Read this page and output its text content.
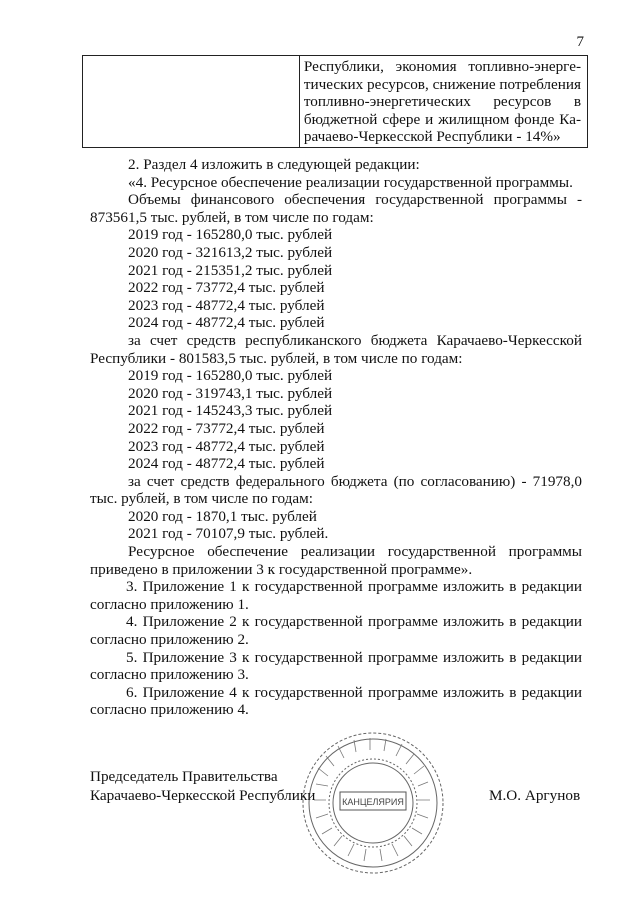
7
Республики, экономия топливно-энерге-
тических ресурсов, снижение потребления
топливно-энергетических ресурсов в
бюджетной сфере и жилищном фонде Ка-
рачаево-Черкесской Республики - 14%»
2. Раздел 4 изложить в следующей редакции:
«4. Ресурсное обеспечение реализации государственной программы.
Объемы финансового обеспечения государственной программы -
873561,5 тыс. рублей, в том числе по годам:
2019 год - 165280,0 тыс. рублей
2020 год - 321613,2 тыс. рублей
2021 год - 215351,2 тыс. рублей
2022 год - 73772,4 тыс. рублей
2023 год - 48772,4 тыс. рублей
2024 год - 48772,4 тыс. рублей
за счет средств республиканского бюджета Карачаево-Черкесской
Республики - 801583,5 тыс. рублей, в том числе по годам:
2019 год - 165280,0 тыс. рублей
2020 год - 319743,1 тыс. рублей
2021 год - 145243,3 тыс. рублей
2022 год - 73772,4 тыс. рублей
2023 год - 48772,4 тыс. рублей
2024 год - 48772,4 тыс. рублей
за счет средств федерального бюджета (по согласованию) - 71978,0
тыс. рублей, в том числе по годам:
2020 год - 1870,1 тыс. рублей
2021 год - 70107,9 тыс. рублей.
Ресурсное обеспечение реализации государственной программы
приведено в приложении 3 к государственной программе».
3. Приложение 1 к государственной программе изложить в редакции
согласно приложению 1.
4. Приложение 2 к государственной программе изложить в редакции
согласно приложению 2.
5. Приложение 3 к государственной программе изложить в редакции
согласно приложению 3.
6. Приложение 4 к государственной программе изложить в редакции
согласно приложению 4.
КАНЦЕЛЯРИЯ
Председатель Правительства
Карачаево-Черкесской Республики	М.О. Аргунов
